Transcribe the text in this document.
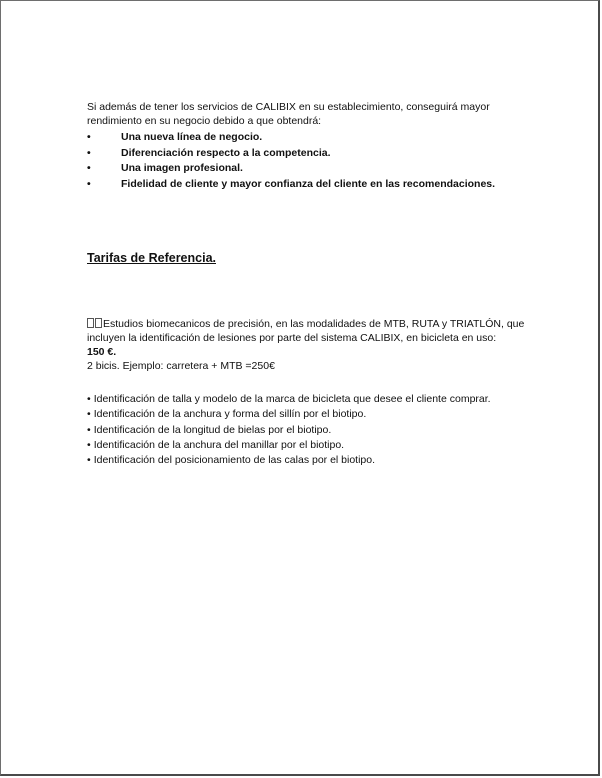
Si además de tener los servicios de CALIBIX en su establecimiento, conseguirá mayor

rendimiento en su negocio debido a que obtendrá:

•	Una nueva línea de negocio.
•	Diferenciación respecto a la competencia.
•	Una imagen profesional.
•	Fidelidad de cliente y mayor confianza del cliente en las recomendaciones.
Tarifas de Referencia.

Estudios biomecanicos de precisión, en las modalidades de MTB, RUTA y TRIATLÓN, que

incluyen la identificación de lesiones por parte del sistema CALIBIX, en bicicleta en uso:

150 €.

2 bicis. Ejemplo: carretera + MTB =250€

• Identificación de talla y modelo de la marca de bicicleta que desee el cliente comprar.
• Identificación de la anchura y forma del sillín por el biotipo.
• Identificación de la longitud de bielas por el biotipo.
• Identificación de la anchura del manillar por el biotipo.
• Identificación del posicionamiento de las calas por el biotipo.
